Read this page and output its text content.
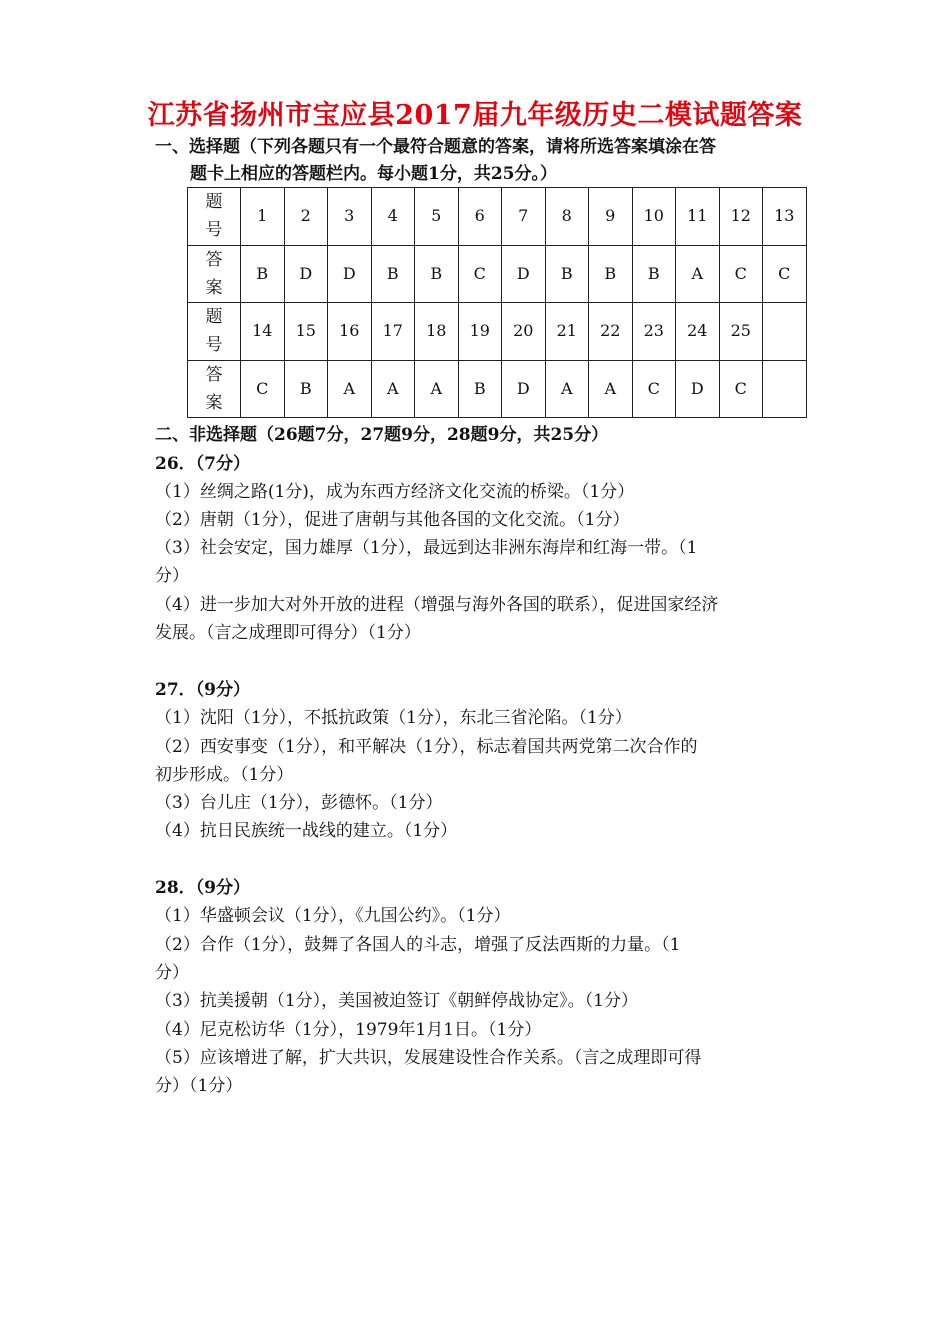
江苏省扬州市宝应县2017届九年级历史二模试题答案
一、选择题（下列各题只有一个最符合题意的答案，请将所选答案填涂在答
题卡上相应的答题栏内。每小题1分，共25分。）
题
号	1	2	3	4	5	6	7	8	9	10	11	12	13
答
案	B	D	D	B	B	C	D	B	B	B	A	C	C
题
号	14	15	16	17	18	19	20	21	22	23	24	25	
答
案	C	B	A	A	A	B	D	A	A	C	D	C	
二、非选择题（26题7分，27题9分，28题9分，共25分）
26．（7分）
（1）丝绸之路(1分)，成为东西方经济文化交流的桥梁。（1分）
（2）唐朝（1分），促进了唐朝与其他各国的文化交流。（1分）
（3）社会安定，国力雄厚（1分），最远到达非洲东海岸和红海一带。（1
分）
（4）进一步加大对外开放的进程（增强与海外各国的联系），促进国家经济
发展。（言之成理即可得分）（1分）
27．（9分）
（1）沈阳（1分），不抵抗政策（1分），东北三省沦陷。（1分）
（2）西安事变（1分），和平解决（1分），标志着国共两党第二次合作的
初步形成。（1分）
（3）台儿庄（1分），彭德怀。（1分）
（4）抗日民族统一战线的建立。（1分）
28．（9分）
（1）华盛顿会议（1分），《九国公约》。（1分）
（2）合作（1分），鼓舞了各国人的斗志，增强了反法西斯的力量。（1
分）
（3）抗美援朝（1分），美国被迫签订《朝鲜停战协定》。（1分）
（4）尼克松访华（1分），1979年1月1日。（1分）
（5）应该增进了解，扩大共识，发展建设性合作关系。（言之成理即可得
分）（1分）
